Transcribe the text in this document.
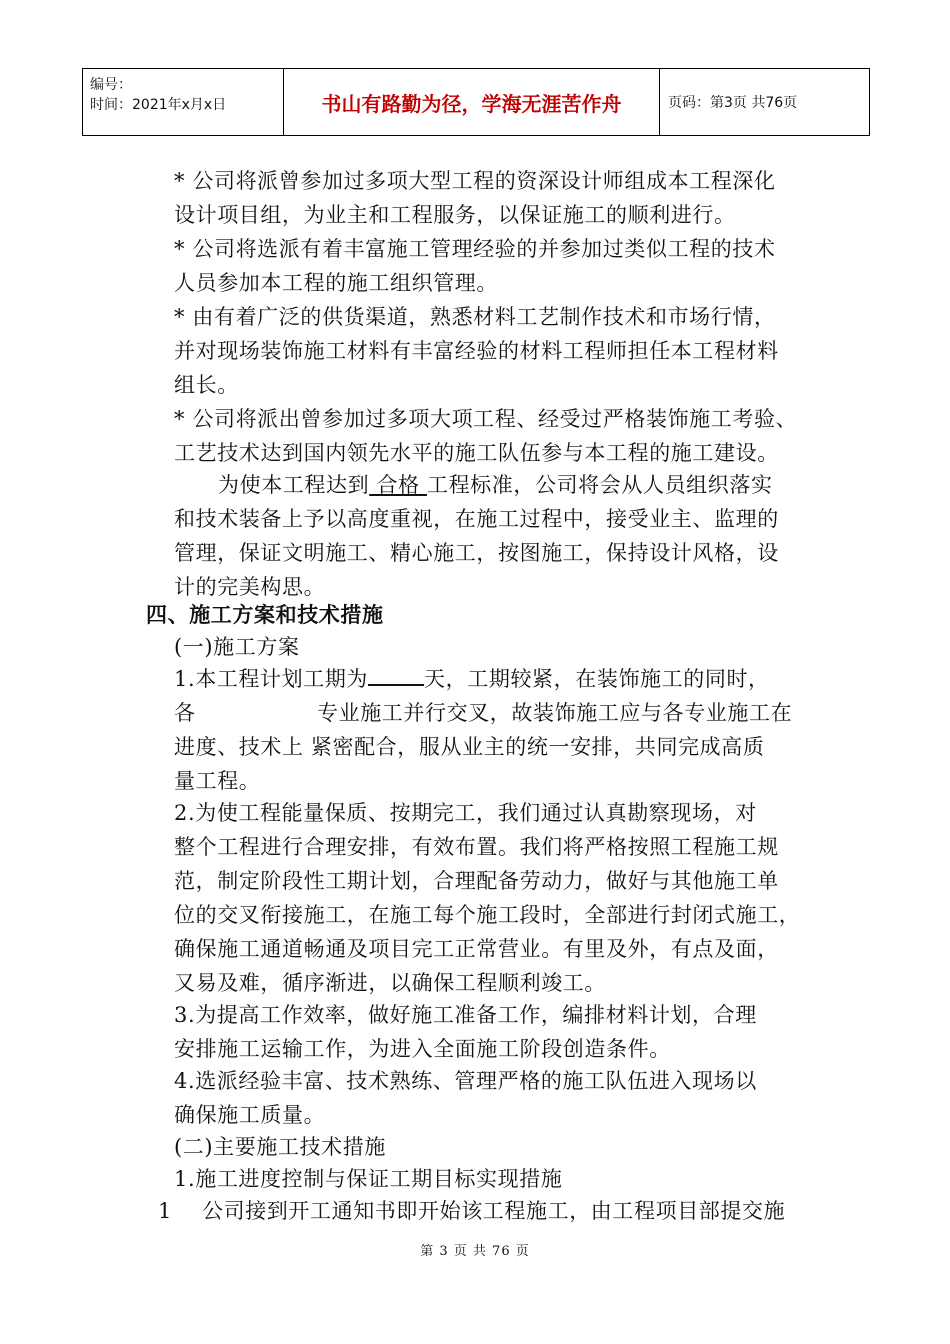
编号：
时间：2021年x月x日	书山有路勤为径，学海无涯苦作舟	页码：第3页 共76页
* 公司将派曾参加过多项大型工程的资深设计师组成本工程深化
设计项目组，为业主和工程服务，以保证施工的顺利进行。
* 公司将选派有着丰富施工管理经验的并参加过类似工程的技术
人员参加本工程的施工组织管理。
* 由有着广泛的供货渠道，熟悉材料工艺制作技术和市场行情，
并对现场装饰施工材料有丰富经验的材料工程师担任本工程材料
组长。
* 公司将派出曾参加过多项大项工程、经受过严格装饰施工考验、
工艺技术达到国内领先水平的施工队伍参与本工程的施工建设。
为使本工程达到 合格 工程标准，公司将会从人员组织落实
和技术装备上予以高度重视，在施工过程中，接受业主、监理的
管理，保证文明施工、精心施工，按图施工，保持设计风格，设
计的完美构思。
四、施工方案和技术措施
(一)施工方案
1.本工程计划工期为	天，工期较紧，在装饰施工的同时，
各	专业施工并行交叉，故装饰施工应与各专业施工在
进度、技术上 紧密配合，服从业主的统一安排，共同完成高质
量工程。
2.为使工程能量保质、按期完工，我们通过认真勘察现场，对
整个工程进行合理安排，有效布置。我们将严格按照工程施工规
范，制定阶段性工期计划，合理配备劳动力，做好与其他施工单
位的交叉衔接施工，在施工每个施工段时，全部进行封闭式施工，
确保施工通道畅通及项目完工正常营业。有里及外，有点及面，
又易及难，循序渐进，以确保工程顺利竣工。
3.为提高工作效率，做好施工准备工作，编排材料计划，合理
安排施工运输工作，为进入全面施工阶段创造条件。
4.选派经验丰富、技术熟练、管理严格的施工队伍进入现场以
确保施工质量。
(二)主要施工技术措施
1.施工进度控制与保证工期目标实现措施
1 公司接到开工通知书即开始该工程施工，由工程项目部提交施
第 3 页 共 76 页
